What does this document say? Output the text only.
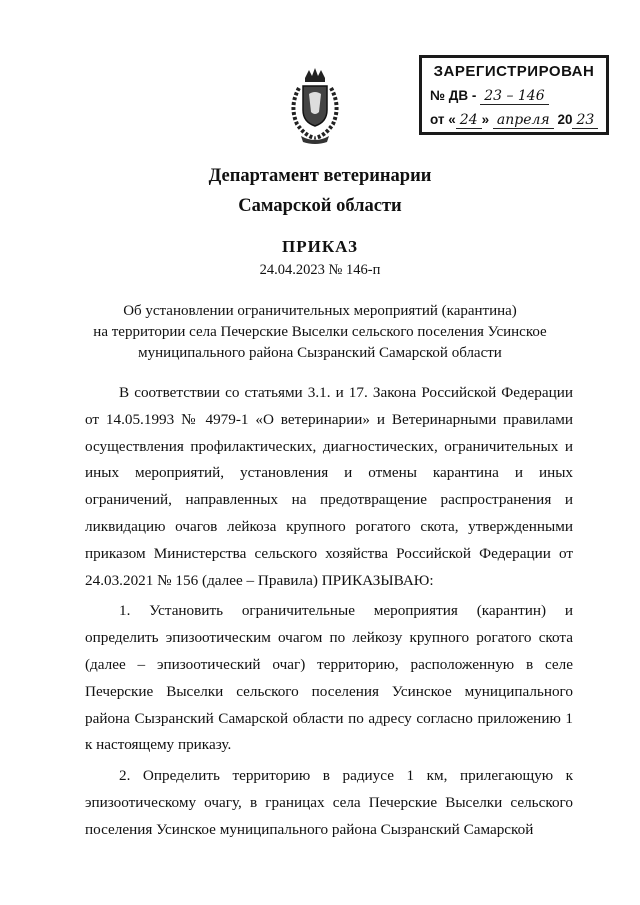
ЗАРЕГИСТРИРОВАН
№ ДВ - 23 – 146
от « 24 » апреля 20 23
Департамент ветеринарии
Самарской области
ПРИКАЗ
24.04.2023 № 146-п
Об установлении ограничительных мероприятий (карантина)
на территории села Печерские Выселки сельского поселения Усинское
муниципального района Сызранский Самарской области

В соответствии со статьями 3.1. и 17. Закона Российской Федерации от 14.05.1993 № 4979-1 «О ветеринарии» и Ветеринарными правилами осуществления профилактических, диагностических, ограничительных и иных мероприятий, установления и отмены карантина и иных ограничений, направленных на предотвращение распространения и ликвидацию очагов лейкоза крупного рогатого скота, утвержденными приказом Министерства сельского хозяйства Российской Федерации от 24.03.2021 № 156 (далее – Правила) ПРИКАЗЫВАЮ:

1. Установить ограничительные мероприятия (карантин) и определить эпизоотическим очагом по лейкозу крупного рогатого скота (далее – эпизоотический очаг) территорию, расположенную в селе Печерские Выселки сельского поселения Усинское муниципального района Сызранский Самарской области по адресу согласно приложению 1 к настоящему приказу.

2. Определить территорию в радиусе 1 км, прилегающую к эпизоотическому очагу, в границах села Печерские Выселки сельского поселения Усинское муниципального района Сызранский Самарской
